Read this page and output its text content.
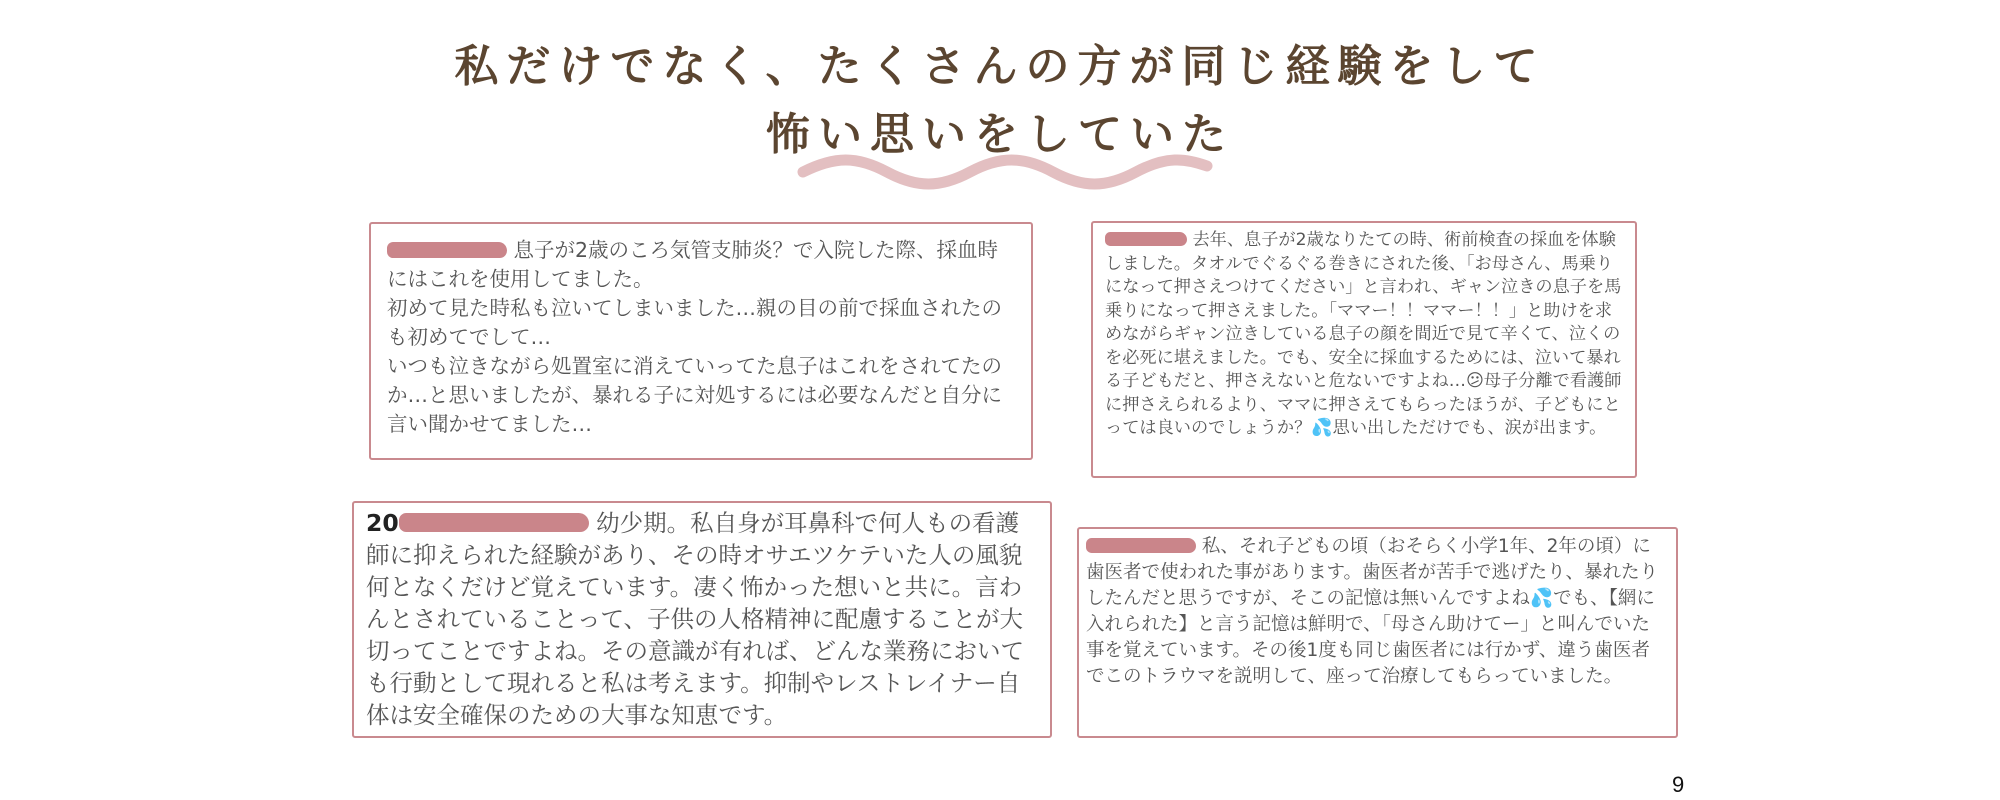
私だけでなく、たくさんの方が同じ経験をして
怖い思いをしていた

息子が2歳のころ気管支肺炎？で入院した際、採血時にはこれを使用してました。
初めて見た時私も泣いてしまいました…親の目の前で採血されたのも初めてでして…
いつも泣きながら処置室に消えていってた息子はこれをされてたのか…と思いましたが、暴れる子に対処するには必要なんだと自分に言い聞かせてました…

去年、息子が2歳なりたての時、術前検査の採血を体験しました。タオルでぐるぐる巻きにされた後、「お母さん、馬乗りになって押さえつけてください」と言われ、ギャン泣きの息子を馬乗りになって押さえました。「ママー！！ママー！！」と助けを求めながらギャン泣きしている息子の顔を間近で見て辛くて、泣くのを必死に堪えました。でも、安全に採血するためには、泣いて暴れる子どもだと、押さえないと危ないですよね…😕母子分離で看護師に押さえられるより、ママに押さえてもらったほうが、子どもにとっては良いのでしょうか？💦思い出しただけでも、涙が出ます。

20	幼少期。私自身が耳鼻科で何人もの看護師に抑えられた経験があり、その時オサエツケテいた人の風貌何となくだけど覚えています。凄く怖かった想いと共に。言わんとされていることって、子供の人格精神に配慮することが大切ってことですよね。その意識が有れば、どんな業務においても行動として現れると私は考えます。抑制やレストレイナー自体は安全確保のための大事な知恵です。

私、それ子どもの頃（おそらく小学1年、2年の頃）に歯医者で使われた事があります。歯医者が苦手で逃げたり、暴れたりしたんだと思うですが、そこの記憶は無いんですよね💦でも、【網に入れられた】と言う記憶は鮮明で、「母さん助けてー」と叫んでいた事を覚えています。その後1度も同じ歯医者には行かず、違う歯医者でこのトラウマを説明して、座って治療してもらっていました。

9
